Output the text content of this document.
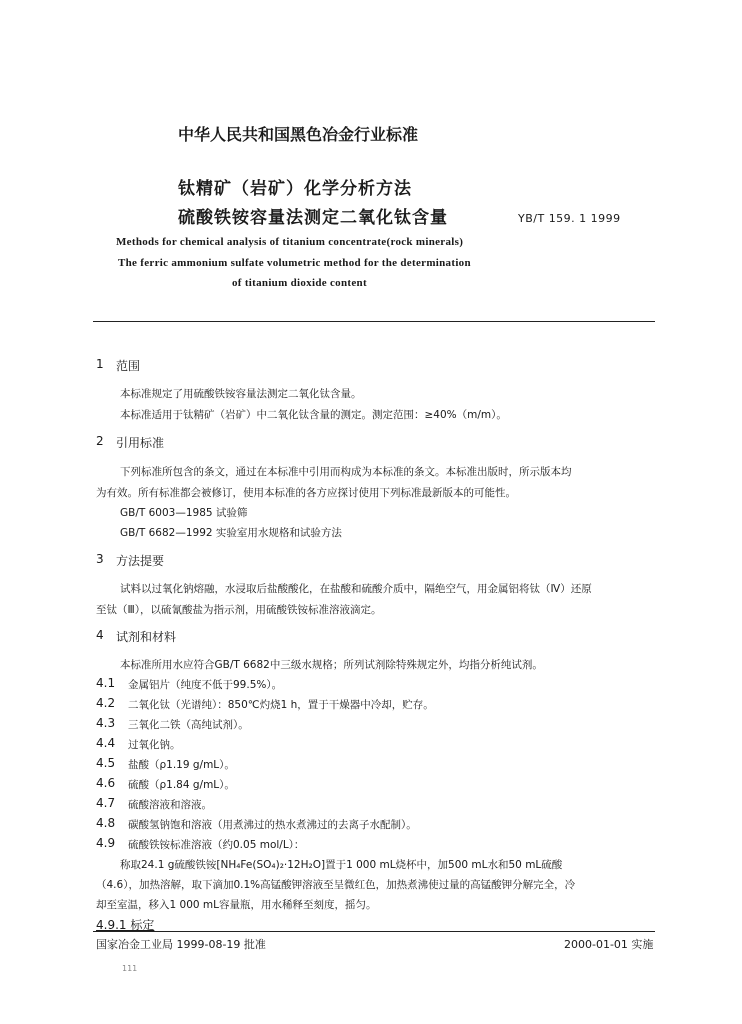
中华人民共和国黑色冶金行业标准
钛精矿（岩矿）化学分析方法
硫酸铁铵容量法测定二氧化钛含量	YB/T 159. 1 1999
Methods for chemical analysis of titanium concentrate(rock minerals)
The ferric ammonium sulfate volumetric method for the determination
of titanium dioxide content
1 范围
本标准规定了用硫酸铁铵容量法测定二氧化钛含量。
本标准适用于钛精矿（岩矿）中二氧化钛含量的测定。测定范围：≥40%（m/m）。
2 引用标准
下列标准所包含的条文，通过在本标准中引用而构成为本标准的条文。本标准出版时，所示版本均
为有效。所有标准都会被修订，使用本标准的各方应探讨使用下列标准最新版本的可能性。
GB/T 6003—1985 试验筛
GB/T 6682—1992 实验室用水规格和试验方法
3 方法提要
试料以过氧化钠熔融，水浸取后盐酸酸化，在盐酸和硫酸介质中，隔绝空气，用金属铝将钛（Ⅳ）还原
至钛（Ⅲ），以硫氰酸盐为指示剂，用硫酸铁铵标准溶液滴定。
4 试剂和材料
本标准所用水应符合GB/T 6682中三级水规格；所列试剂除特殊规定外，均指分析纯试剂。
4.1 金属铝片（纯度不低于99.5%）。
4.2 二氧化钛（光谱纯）：850℃灼烧1 h，置于干燥器中冷却，贮存。
4.3 三氧化二铁（高纯试剂）。
4.4 过氧化钠。
4.5 盐酸（ρ1.19 g/mL）。
4.6 硫酸（ρ1.84 g/mL）。
4.7 硫酸溶液和溶液。
4.8 碳酸氢钠饱和溶液（用煮沸过的热水煮沸过的去离子水配制）。
4.9 硫酸铁铵标准溶液（约0.05 mol/L）：
称取24.1 g硫酸铁铵[NH₄Fe(SO₄)₂·12H₂O]置于1 000 mL烧杯中，加500 mL水和50 mL硫酸
（4.6），加热溶解，取下滴加0.1%高锰酸钾溶液至呈微红色，加热煮沸使过量的高锰酸钾分解完全，冷
却至室温，移入1 000 mL容量瓶，用水稀释至刻度，摇匀。
4.9.1 标定
国家冶金工业局 1999-08-19 批准	2000-01-01 实施
111
